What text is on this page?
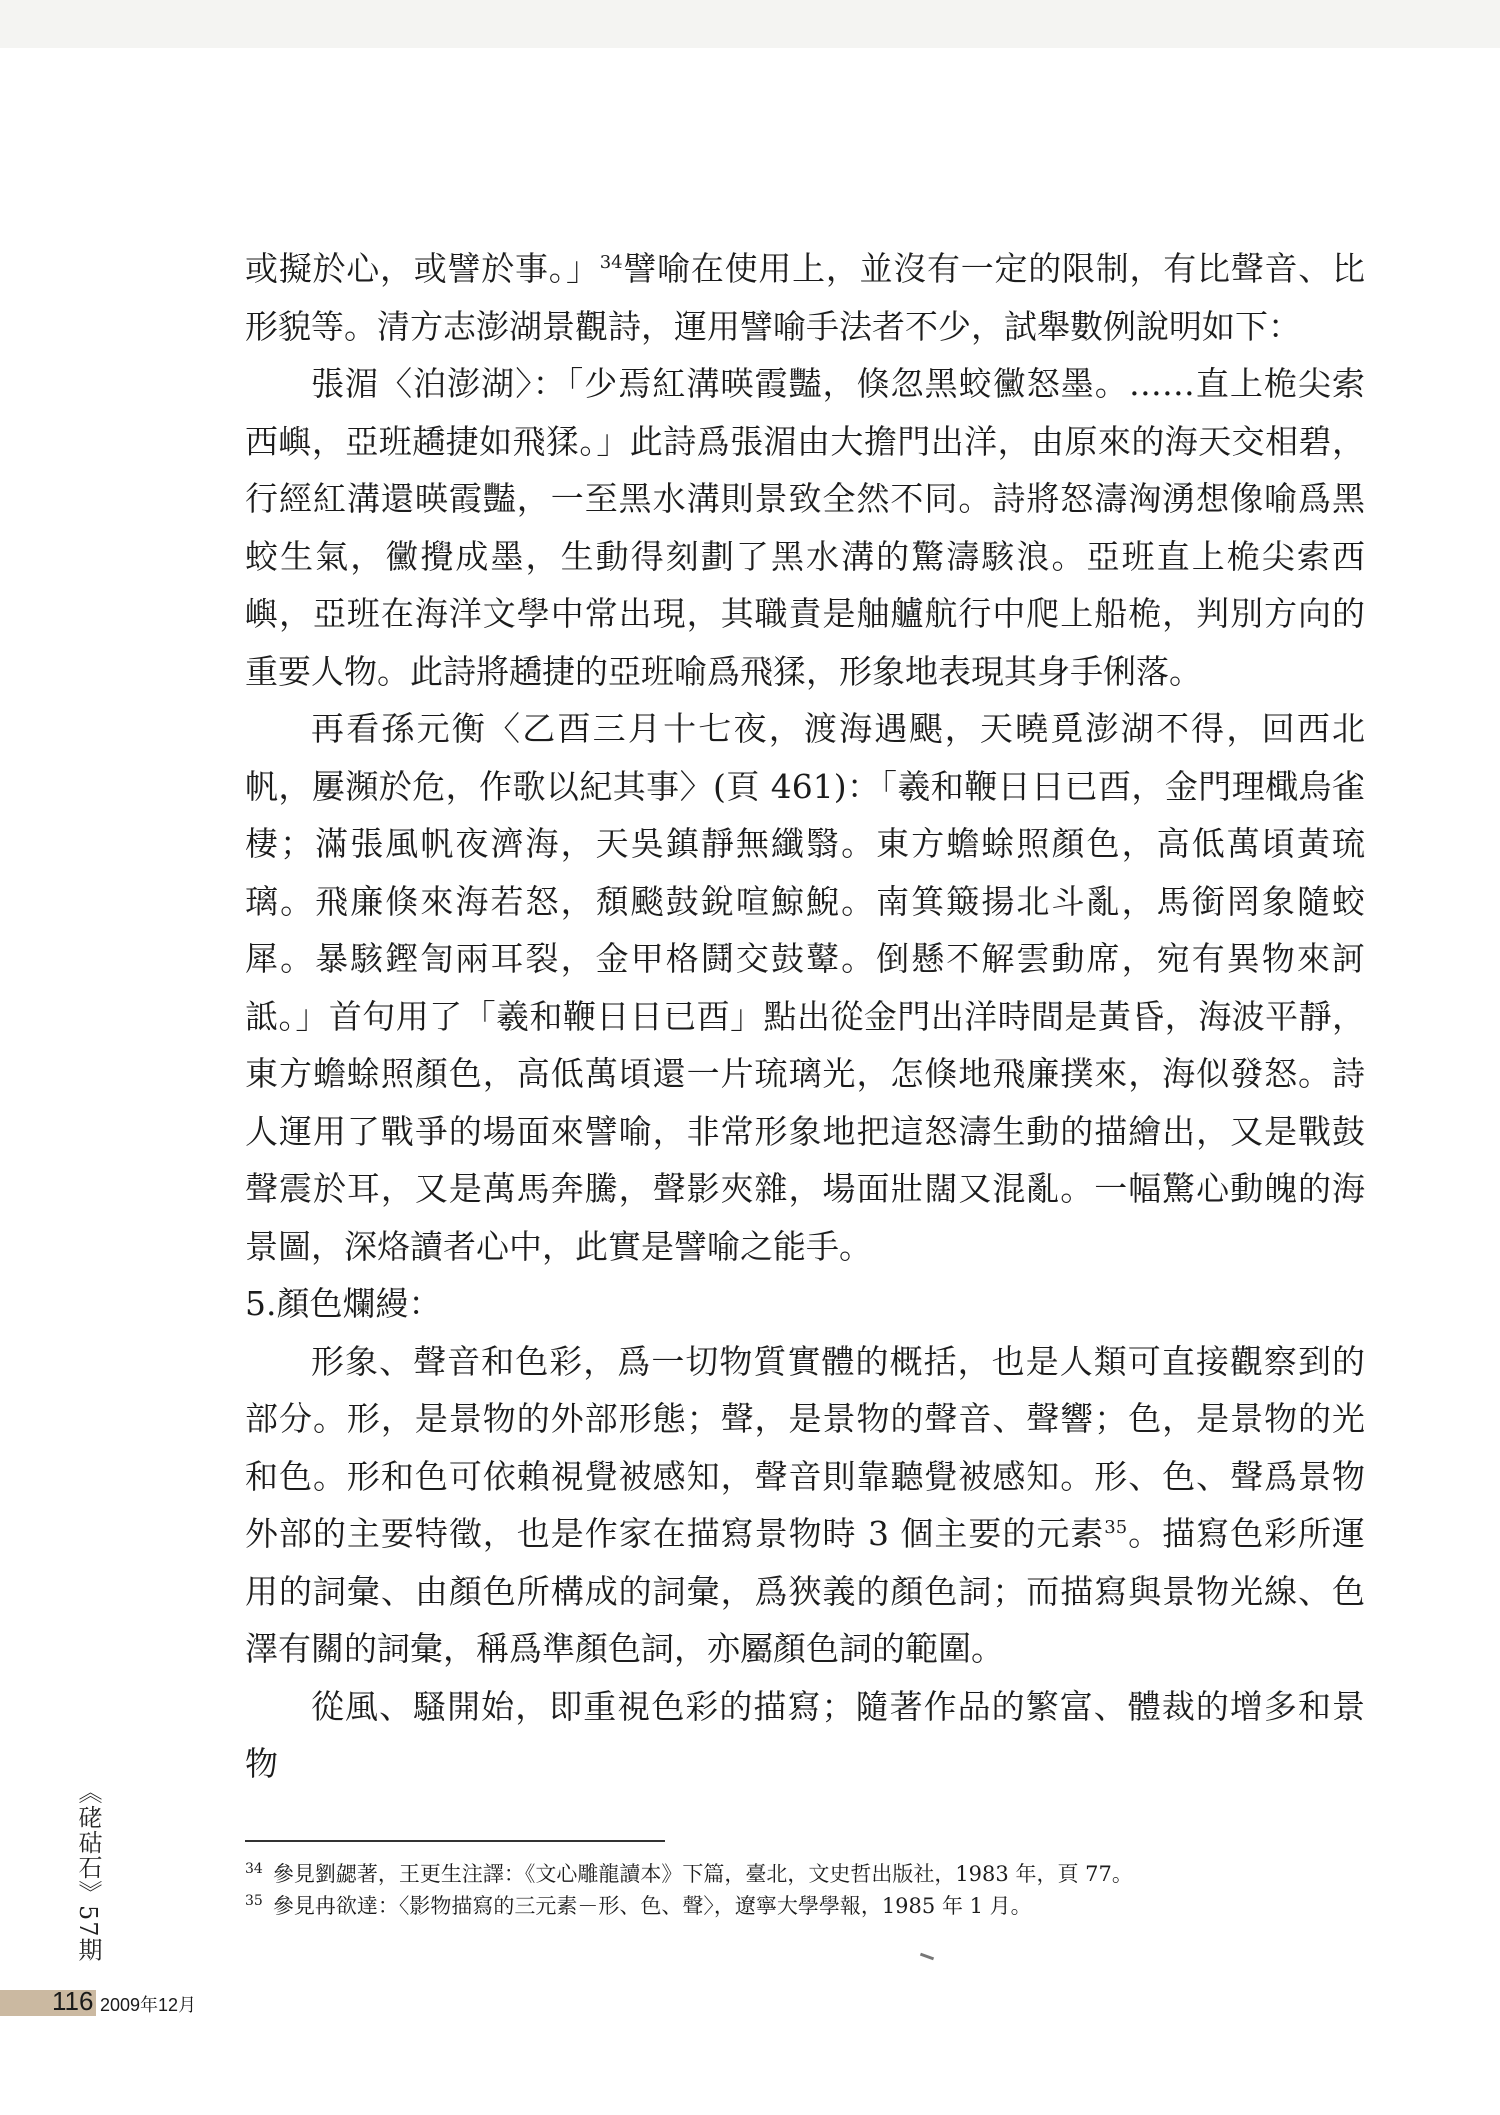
或擬於心，或譬於事。」$^{34}$譬喻在使用上，並沒有一定的限制，有比聲音、比形貌等。清方志澎湖景觀詩，運用譬喻手法者不少，試舉數例說明如下：

張湄〈泊澎湖〉：「少焉紅溝暎霞豔，倏忽黑蛟黴怒墨。……直上桅尖索西嶼，亞班趫捷如飛猱。」此詩爲張湄由大擔門出洋，由原來的海天交相碧，行經紅溝還暎霞豔，一至黑水溝則景致全然不同。詩將怒濤洶湧想像喻爲黑蛟生氣，黴攪成墨，生動得刻劃了黑水溝的驚濤駭浪。亞班直上桅尖索西嶼，亞班在海洋文學中常出現，其職責是舳艫航行中爬上船桅，判別方向的重要人物。此詩將趫捷的亞班喻爲飛猱，形象地表現其身手俐落。

再看孫元衡〈乙酉三月十七夜，渡海遇颶，天曉覓澎湖不得，回西北帆，屢瀕於危，作歌以紀其事〉(頁 461)：「羲和鞭日日已酉，金門理檝烏雀棲；滿張風帆夜濟海，天吳鎮靜無纖翳。東方蟾蜍照顏色，高低萬頃黃琉璃。飛廉倏來海若怒，頹颷鼓銳喧鯨鯢。南箕簸揚北斗亂，馬銜罔象隨蛟犀。暴駭鏗訇兩耳裂，金甲格鬪交鼓鼙。倒懸不解雲動席，宛有異物來訶詆。」首句用了「羲和鞭日日已酉」點出從金門出洋時間是黃昏，海波平靜，東方蟾蜍照顏色，高低萬頃還一片琉璃光，怎倏地飛廉撲來，海似發怒。詩人運用了戰爭的場面來譬喻，非常形象地把這怒濤生動的描繪出，又是戰鼓聲震於耳，又是萬馬奔騰，聲影夾雜，場面壯闊又混亂。一幅驚心動魄的海景圖，深烙讀者心中，此實是譬喻之能手。

5.顏色爛縵：

形象、聲音和色彩，爲一切物質實體的概括，也是人類可直接觀察到的部分。形，是景物的外部形態；聲，是景物的聲音、聲響；色，是景物的光和色。形和色可依賴視覺被感知，聲音則靠聽覺被感知。形、色、聲爲景物外部的主要特徵，也是作家在描寫景物時 3 個主要的元素$^{35}$。描寫色彩所運用的詞彙、由顏色所構成的詞彙，爲狹義的顏色詞；而描寫與景物光線、色澤有關的詞彙，稱爲準顏色詞，亦屬顏色詞的範圍。

從風、騷開始，即重視色彩的描寫；隨著作品的繁富、體裁的增多和景物

$^{34}$ 參見劉勰著，王更生注譯：《文心雕龍讀本》下篇，臺北，文史哲出版社，1983 年，頁 77。

$^{35}$ 參見冉欲達：〈影物描寫的三元素－形、色、聲〉，遼寧大學學報，1985 年 1 月。

《硓𥑮石》57期
116 2009年12月
